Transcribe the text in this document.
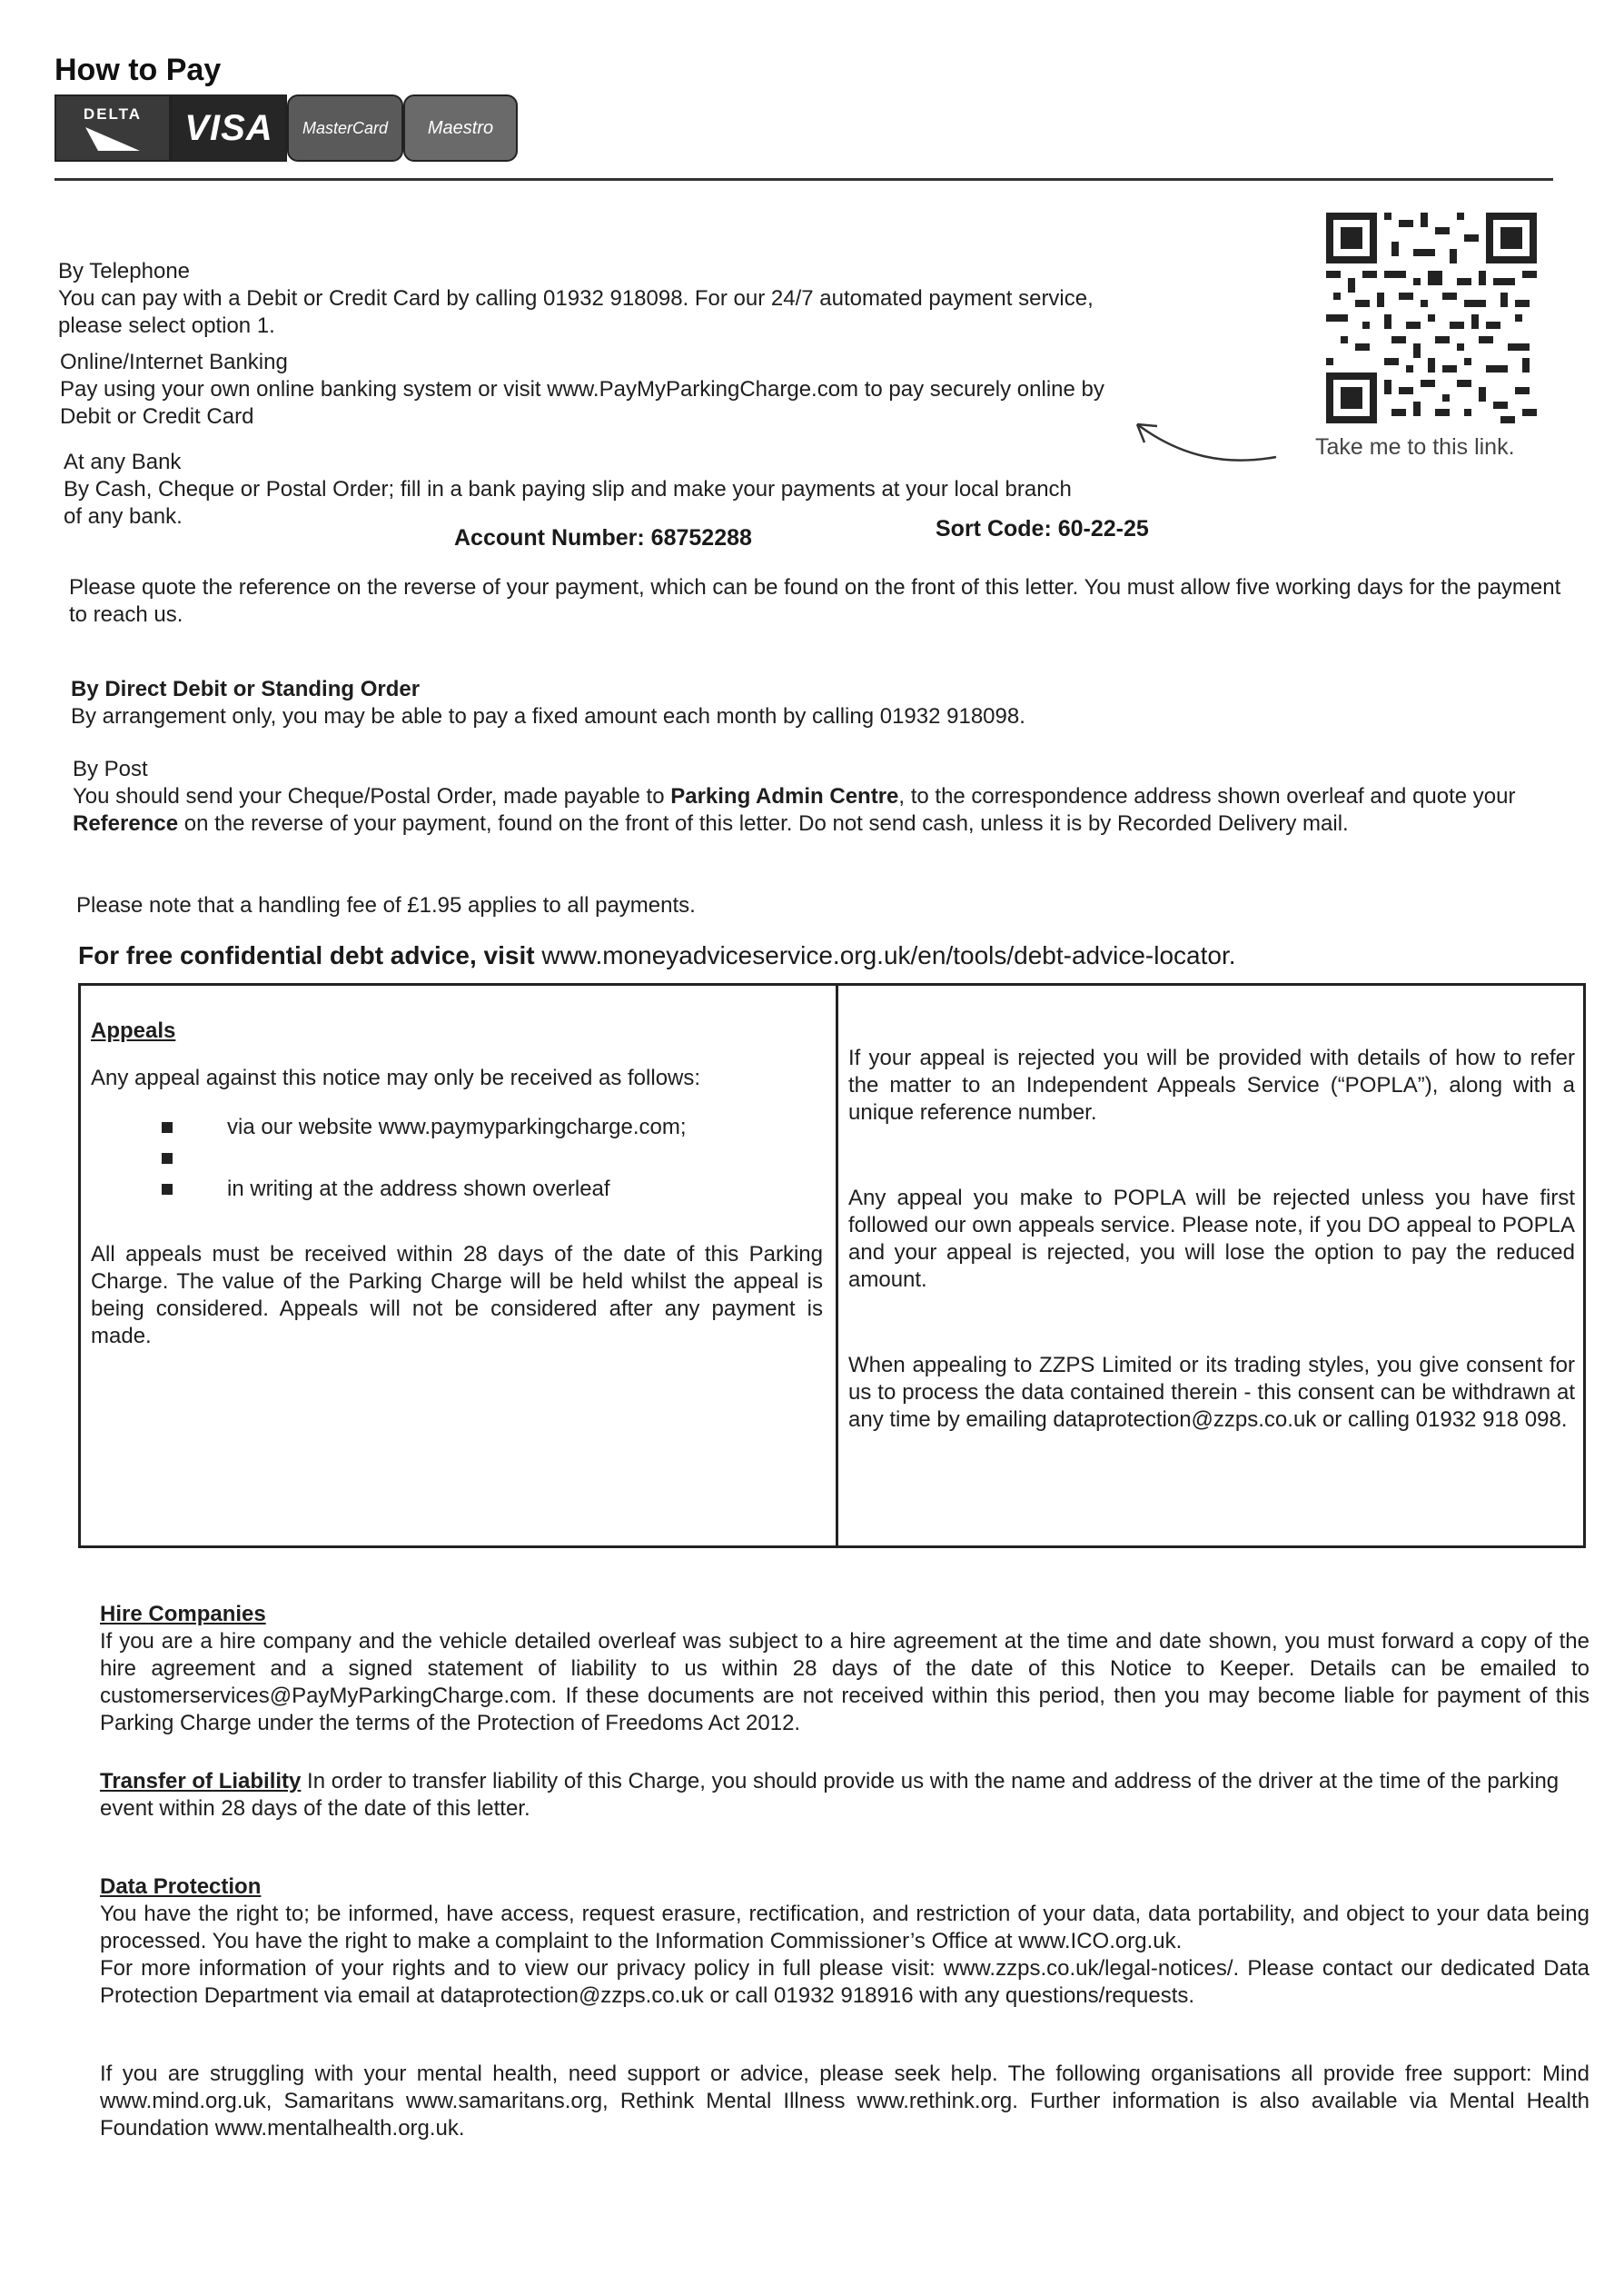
How to Pay
DELTA	VISA	MasterCard	Maestro
Take me to this link.

By Telephone

You can pay with a Debit or Credit Card by calling 01932 918098. For our 24/7 automated payment service, please select option 1.

Online/Internet Banking

Pay using your own online banking system or visit www.PayMyParkingCharge.com to pay securely online by Debit or Credit Card

At any Bank

By Cash, Cheque or Postal Order; fill in a bank paying slip and make your payments at your local branch of any bank.

Account Number: 68752288	Sort Code: 60-22-25
Please quote the reference on the reverse of your payment, which can be found on the front of this letter. You must allow five working days for the payment to reach us.

By Direct Debit or Standing Order

By arrangement only, you may be able to pay a fixed amount each month by calling 01932 918098.

By Post

You should send your Cheque/Postal Order, made payable to Parking Admin Centre, to the correspondence address shown overleaf and quote your Reference on the reverse of your payment, found on the front of this letter. Do not send cash, unless it is by Recorded Delivery mail.

Please note that a handling fee of £1.95 applies to all payments.
For free confidential debt advice, visit www.moneyadviceservice.org.uk/en/tools/debt-advice-locator.

Appeals

Any appeal against this notice may only be received as follows:

via our website www.paymyparkingcharge.com;
in writing at the address shown overleaf

All appeals must be received within 28 days of the date of this Parking Charge. The value of the Parking Charge will be held whilst the appeal is being considered. Appeals will not be considered after any payment is made.

If your appeal is rejected you will be provided with details of how to refer the matter to an Independent Appeals Service (“POPLA”), along with a unique reference number.

Any appeal you make to POPLA will be rejected unless you have first followed our own appeals service. Please note, if you DO appeal to POPLA and your appeal is rejected, you will lose the option to pay the reduced amount.

When appealing to ZZPS Limited or its trading styles, you give consent for us to process the data contained therein - this consent can be withdrawn at any time by emailing dataprotection@zzps.co.uk or calling 01932 918 098.

Hire Companies

If you are a hire company and the vehicle detailed overleaf was subject to a hire agreement at the time and date shown, you must forward a copy of the hire agreement and a signed statement of liability to us within 28 days of the date of this Notice to Keeper. Details can be emailed to customerservices@PayMyParkingCharge.com. If these documents are not received within this period, then you may become liable for payment of this Parking Charge under the terms of the Protection of Freedoms Act 2012.

Transfer of Liability In order to transfer liability of this Charge, you should provide us with the name and address of the driver at the time of the parking event within 28 days of the date of this letter.

Data Protection

You have the right to; be informed, have access, request erasure, rectification, and restriction of your data, data portability, and object to your data being processed. You have the right to make a complaint to the Information Commissioner’s Office at www.ICO.org.uk.

For more information of your rights and to view our privacy policy in full please visit: www.zzps.co.uk/legal-notices/. Please contact our dedicated Data Protection Department via email at dataprotection@zzps.co.uk or call 01932 918916 with any questions/requests.

If you are struggling with your mental health, need support or advice, please seek help. The following organisations all provide free support: Mind www.mind.org.uk, Samaritans www.samaritans.org, Rethink Mental Illness www.rethink.org. Further information is also available via Mental Health Foundation www.mentalhealth.org.uk.
